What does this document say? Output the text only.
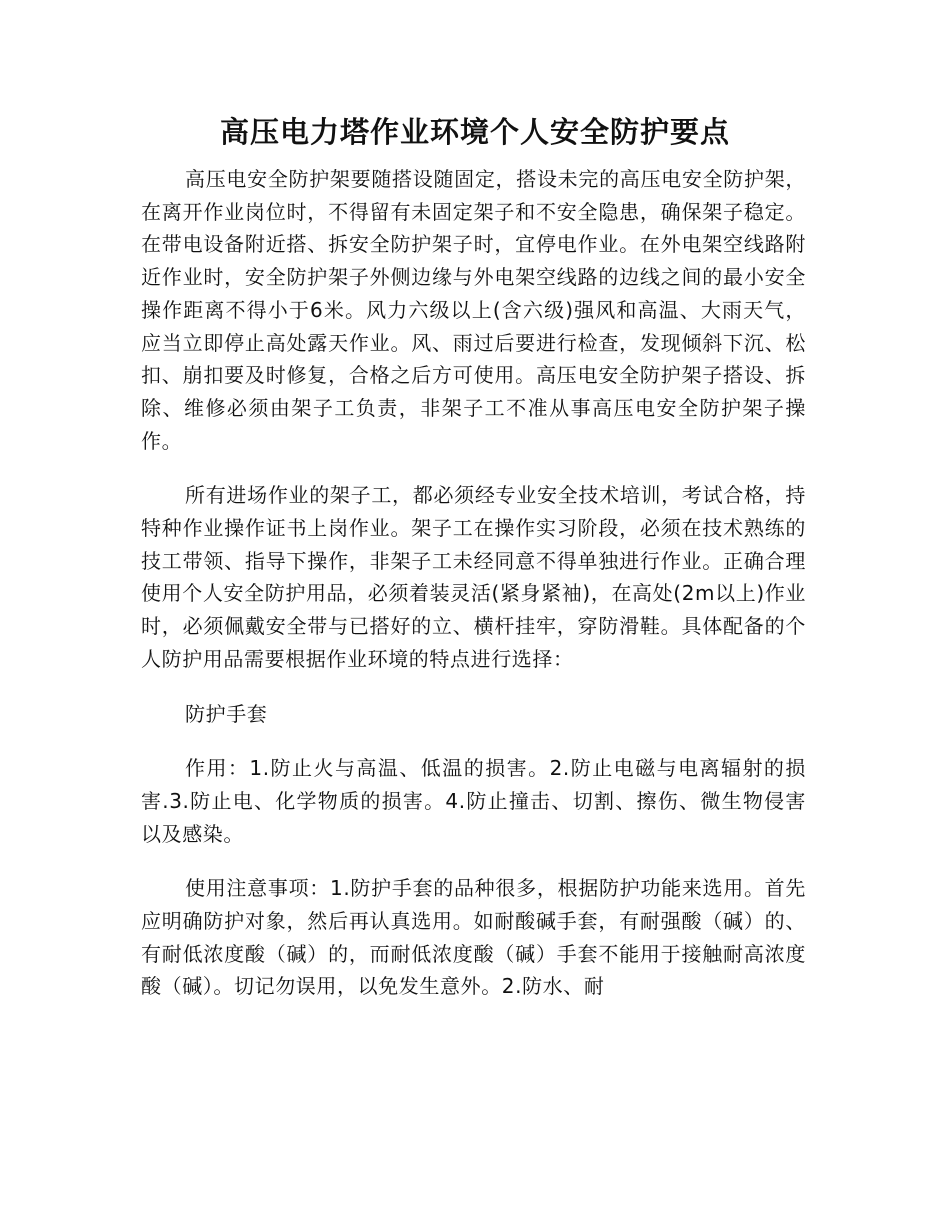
高压电力塔作业环境个人安全防护要点

高压电安全防护架要随搭设随固定，搭设未完的高压电安全防护架，在离开作业岗位时，不得留有未固定架子和不安全隐患，确保架子稳定。在带电设备附近搭、拆安全防护架子时，宜停电作业。在外电架空线路附近作业时，安全防护架子外侧边缘与外电架空线路的边线之间的最小安全操作距离不得小于6米。风力六级以上(含六级)强风和高温、大雨天气，应当立即停止高处露天作业。风、雨过后要进行检查，发现倾斜下沉、松扣、崩扣要及时修复，合格之后方可使用。高压电安全防护架子搭设、拆除、维修必须由架子工负责，非架子工不准从事高压电安全防护架子操作。

所有进场作业的架子工，都必须经专业安全技术培训，考试合格，持特种作业操作证书上岗作业。架子工在操作实习阶段，必须在技术熟练的技工带领、指导下操作，非架子工未经同意不得单独进行作业。正确合理使用个人安全防护用品，必须着装灵活(紧身紧袖)，在高处(2m以上)作业时，必须佩戴安全带与已搭好的立、横杆挂牢，穿防滑鞋。具体配备的个人防护用品需要根据作业环境的特点进行选择：

防护手套

作用：1.防止火与高温、低温的损害。2.防止电磁与电离辐射的损害.3.防止电、化学物质的损害。4.防止撞击、切割、擦伤、微生物侵害以及感染。

使用注意事项：1.防护手套的品种很多，根据防护功能来选用。首先应明确防护对象，然后再认真选用。如耐酸碱手套，有耐强酸（碱）的、有耐低浓度酸（碱）的，而耐低浓度酸（碱）手套不能用于接触耐高浓度酸（碱）。切记勿误用，以免发生意外。2.防水、耐
